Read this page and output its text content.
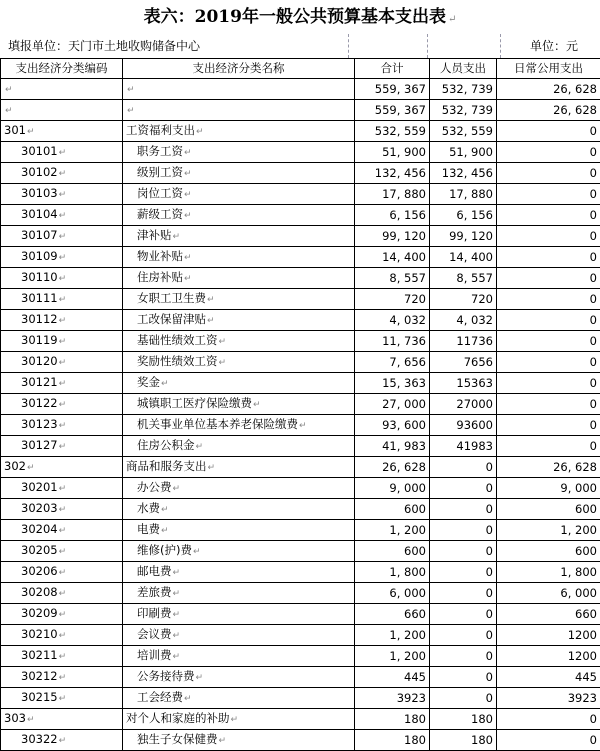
表六：2019年一般公共预算基本支出表 ↵
填报单位：天门市土地收购储备中心	单位：元
支出经济分类编码	支出经济分类名称	合计	人员支出	日常公用支出
↵	↵	559, 367	532, 739	26, 628
↵	↵	559, 367	532, 739	26, 628
301↵	工资福利支出↵	532, 559	532, 559	0
30101↵	职务工资↵	51, 900	51, 900	0
30102↵	级别工资↵	132, 456	132, 456	0
30103↵	岗位工资↵	17, 880	17, 880	0
30104↵	薪级工资↵	6, 156	6, 156	0
30107↵	津补贴↵	99, 120	99, 120	0
30109↵	物业补贴↵	14, 400	14, 400	0
30110↵	住房补贴↵	8, 557	8, 557	0
30111↵	女职工卫生费↵	720	720	0
30112↵	工改保留津贴↵	4, 032	4, 032	0
30119↵	基础性绩效工资↵	11, 736	11736	0
30120↵	奖励性绩效工资↵	7, 656	7656	0
30121↵	奖金↵	15, 363	15363	0
30122↵	城镇职工医疗保险缴费↵	27, 000	27000	0
30123↵	机关事业单位基本养老保险缴费↵	93, 600	93600	0
30127↵	住房公积金↵	41, 983	41983	0
302↵	商品和服务支出↵	26, 628	0	26, 628
30201↵	办公费↵	9, 000	0	9, 000
30203↵	水费↵	600	0	600
30204↵	电费↵	1, 200	0	1, 200
30205↵	维修(护)费↵	600	0	600
30206↵	邮电费↵	1, 800	0	1, 800
30208↵	差旅费↵	6, 000	0	6, 000
30209↵	印刷费↵	660	0	660
30210↵	会议费↵	1, 200	0	1200
30211↵	培训费↵	1, 200	0	1200
30212↵	公务接待费↵	445	0	445
30215↵	工会经费↵	3923	0	3923
303↵	对个人和家庭的补助↵	180	180	0
30322↵	独生子女保健费↵	180	180	0
